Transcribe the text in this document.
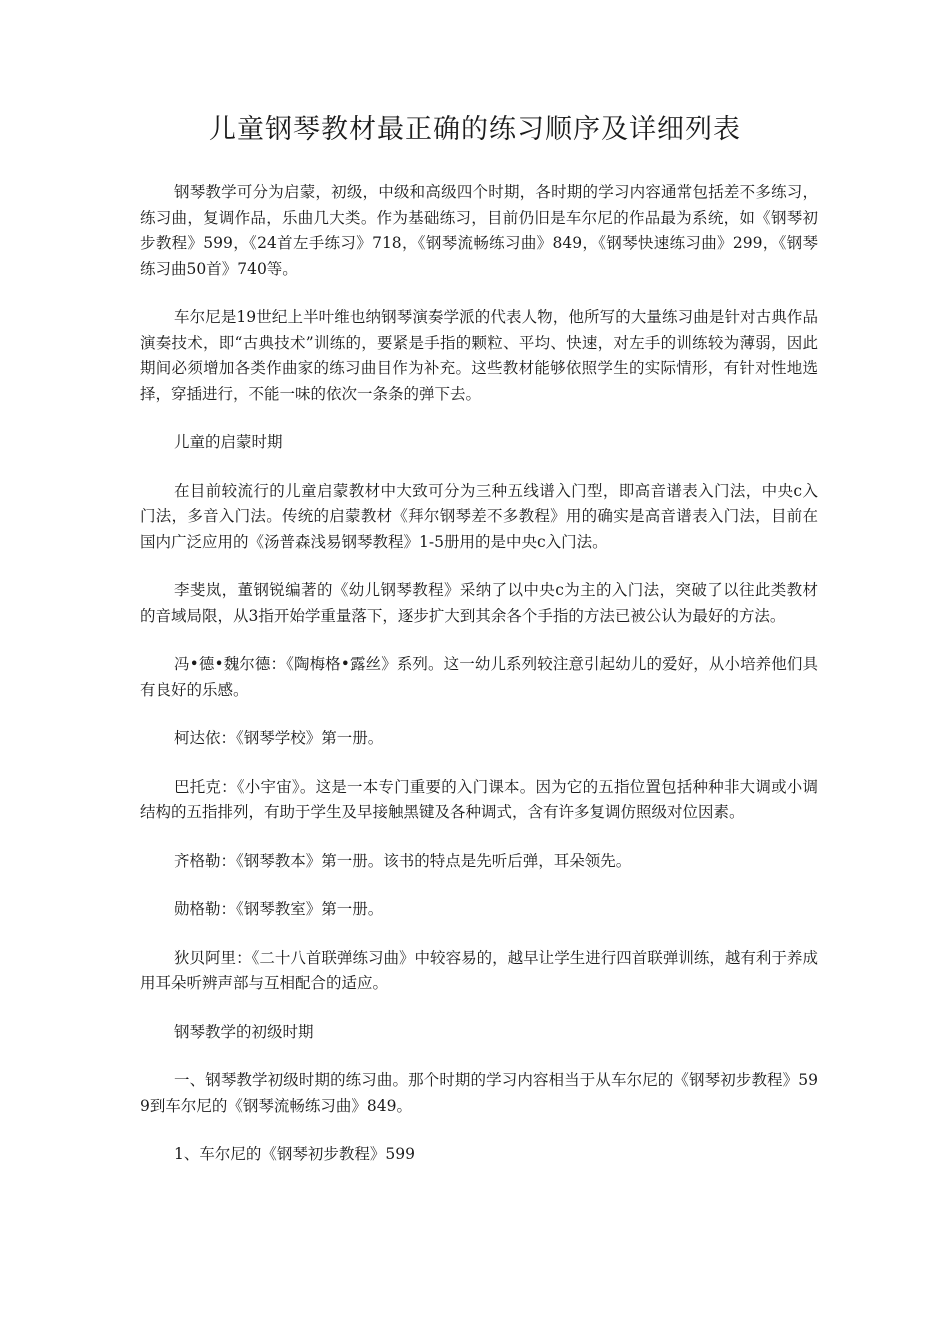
儿童钢琴教材最正确的练习顺序及详细列表

钢琴教学可分为启蒙，初级，中级和高级四个时期，各时期的学习内容通常包括差不多练习，练习曲，复调作品，乐曲几大类。作为基础练习，目前仍旧是车尔尼的作品最为系统，如《钢琴初步教程》599，《24首左手练习》718，《钢琴流畅练习曲》849，《钢琴快速练习曲》299，《钢琴练习曲50首》740等。

车尔尼是19世纪上半叶维也纳钢琴演奏学派的代表人物，他所写的大量练习曲是针对古典作品演奏技术，即“古典技术”训练的，要紧是手指的颗粒、平均、快速，对左手的训练较为薄弱，因此期间必须增加各类作曲家的练习曲目作为补充。这些教材能够依照学生的实际情形，有针对性地选择，穿插进行，不能一味的依次一条条的弹下去。

儿童的启蒙时期

在目前较流行的儿童启蒙教材中大致可分为三种五线谱入门型，即高音谱表入门法，中央c入门法，多音入门法。传统的启蒙教材《拜尔钢琴差不多教程》用的确实是高音谱表入门法，目前在国内广泛应用的《汤普森浅易钢琴教程》1-5册用的是中央c入门法。

李斐岚，董钢锐编著的《幼儿钢琴教程》采纳了以中央c为主的入门法，突破了以往此类教材的音域局限，从3指开始学重量落下，逐步扩大到其余各个手指的方法已被公认为最好的方法。

冯•德•魏尔德：《陶梅格•露丝》系列。这一幼儿系列较注意引起幼儿的爱好，从小培养他们具有良好的乐感。

柯达依：《钢琴学校》第一册。

巴托克：《小宇宙》。这是一本专门重要的入门课本。因为它的五指位置包括种种非大调或小调结构的五指排列，有助于学生及早接触黑键及各种调式，含有许多复调仿照级对位因素。

齐格勒：《钢琴教本》第一册。该书的特点是先听后弹，耳朵领先。

勋格勒：《钢琴教室》第一册。

狄贝阿里：《二十八首联弹练习曲》中较容易的，越早让学生进行四首联弹训练，越有利于养成用耳朵听辨声部与互相配合的适应。

钢琴教学的初级时期

一、钢琴教学初级时期的练习曲。那个时期的学习内容相当于从车尔尼的《钢琴初步教程》599到车尔尼的《钢琴流畅练习曲》849。

1、车尔尼的《钢琴初步教程》599
